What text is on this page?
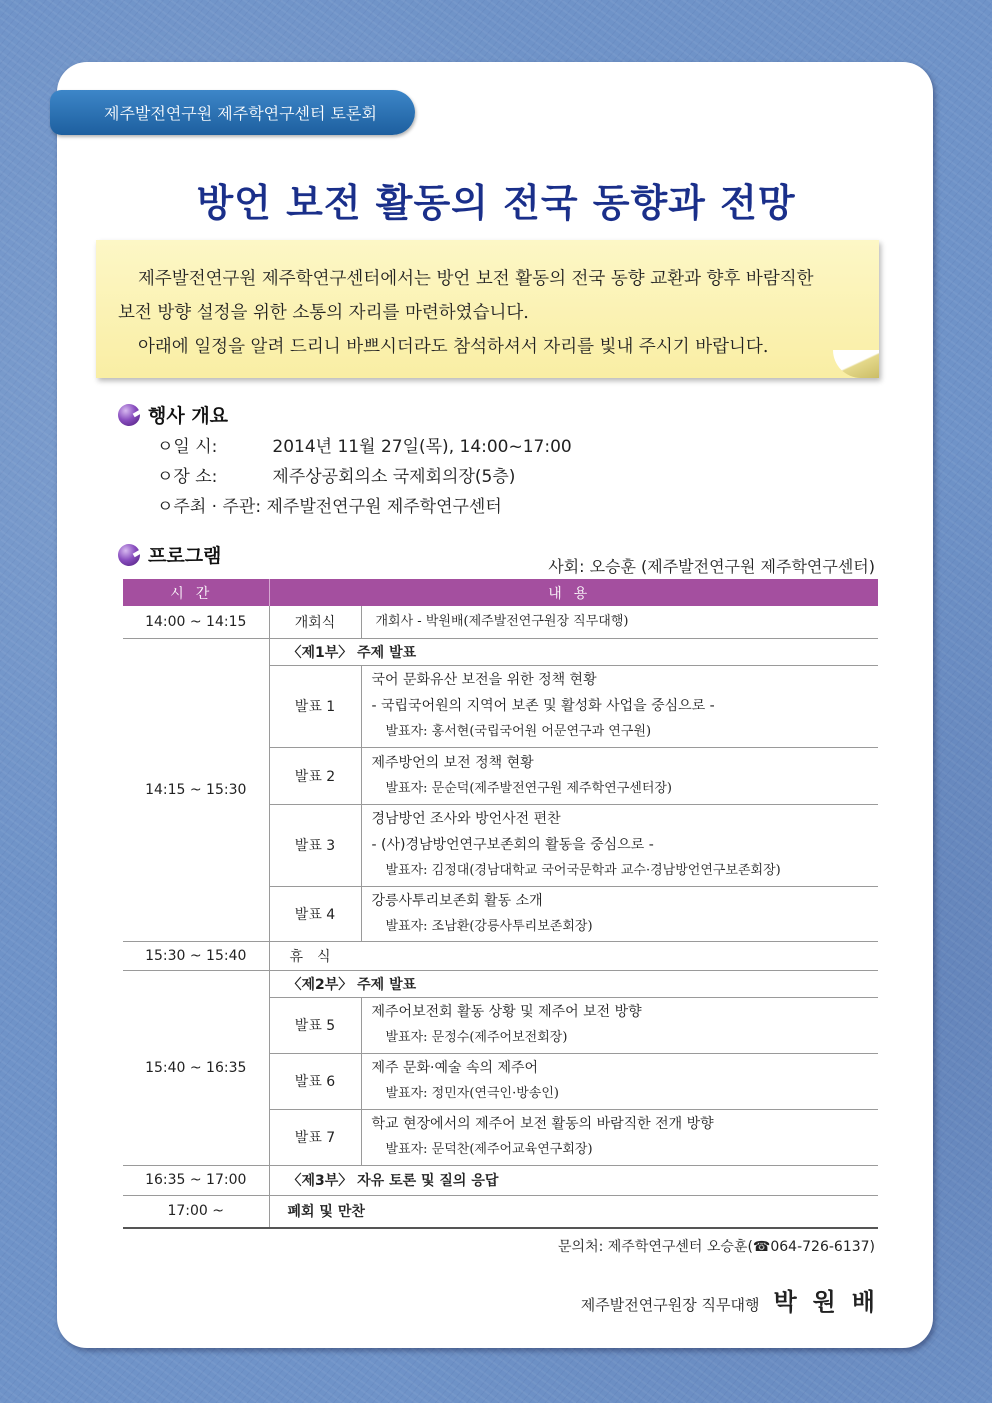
제주발전연구원 제주학연구센터 토론회
방언 보전 활동의 전국 동향과 전망

제주발전연구원 제주학연구센터에서는 방언 보전 활동의 전국 동향 교환과 향후 바람직한

보전 방향 설정을 위한 소통의 자리를 마련하였습니다.

아래에 일정을 알려 드리니 바쁘시더라도 참석하셔서 자리를 빛내 주시기 바랍니다.

행사 개요
ㅇ일 시:	2014년 11월 27일(목), 14:00~17:00
ㅇ장 소:	제주상공회의소 국제회의장(5층)
ㅇ주최 · 주관: 제주발전연구원 제주학연구센터
프로그램	사회: 오승훈 (제주발전연구원 제주학연구센터)
시간	내용	
14:00 ~ 14:15	개회식	개회사 - 박원배(제주발전연구원장 직무대행)
14:15 ~ 15:30	〈제1부〉 주제 발표	
	발표 1	국어 문화유산 보전을 위한 정책 현황
- 국립국어원의 지역어 보존 및 활성화 사업을 중심으로 -
발표자: 홍서현(국립국어원 어문연구과 연구원)

	발표 2	제주방언의 보전 정책 현황
발표자: 문순덕(제주발전연구원 제주학연구센터장)

	발표 3	경남방언 조사와 방언사전 편찬
- (사)경남방언연구보존회의 활동을 중심으로 -
발표자: 김정대(경남대학교 국어국문학과 교수·경남방언연구보존회장)

	발표 4	강릉사투리보존회 활동 소개
발표자: 조남환(강릉사투리보존회장)

15:30 ~ 15:40	휴식	
15:40 ~ 16:35	〈제2부〉 주제 발표	
	발표 5	제주어보전회 활동 상황 및 제주어 보전 방향
발표자: 문정수(제주어보전회장)

	발표 6	제주 문화·예술 속의 제주어
발표자: 정민자(연극인·방송인)

	발표 7	학교 현장에서의 제주어 보전 활동의 바람직한 전개 방향
발표자: 문덕찬(제주어교육연구회장)

16:35 ~ 17:00	〈제3부〉 자유 토론 및 질의 응답	
17:00 ~	폐회 및 만찬	
문의처: 제주학연구센터 오승훈(☎064-726-6137)
제주발전연구원장 직무대행 박원배
